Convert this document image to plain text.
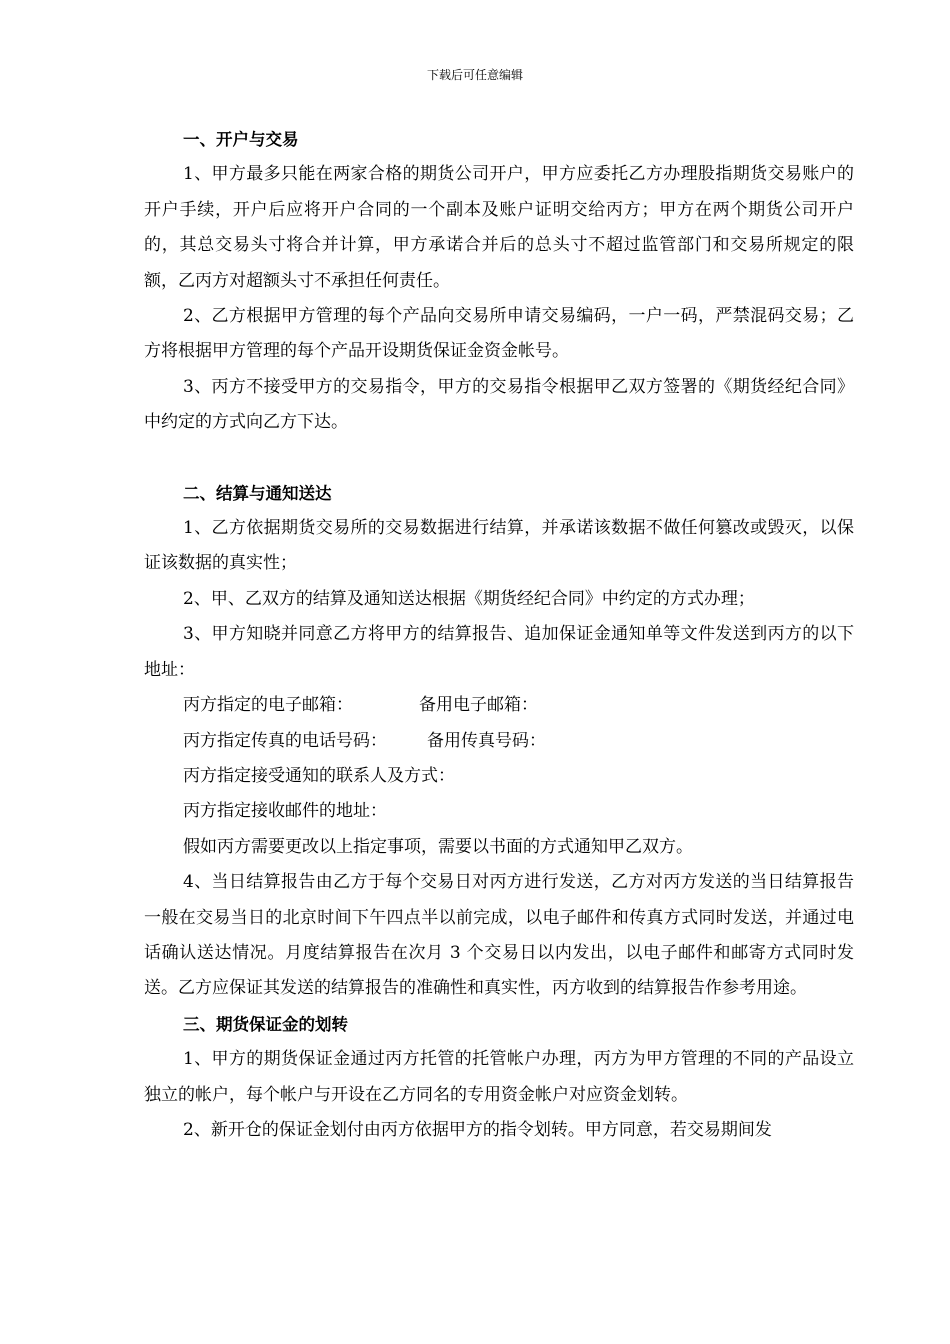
下载后可任意编辑

一、开户与交易

1、甲方最多只能在两家合格的期货公司开户，甲方应委托乙方办理股指期货交易账户的开户手续，开户后应将开户合同的一个副本及账户证明交给丙方；甲方在两个期货公司开户的，其总交易头寸将合并计算，甲方承诺合并后的总头寸不超过监管部门和交易所规定的限额，乙丙方对超额头寸不承担任何责任。

2、乙方根据甲方管理的每个产品向交易所申请交易编码，一户一码，严禁混码交易；乙方将根据甲方管理的每个产品开设期货保证金资金帐号。

3、丙方不接受甲方的交易指令，甲方的交易指令根据甲乙双方签署的《期货经纪合同》中约定的方式向乙方下达。

二、结算与通知送达

1、乙方依据期货交易所的交易数据进行结算，并承诺该数据不做任何篡改或毁灭，以保证该数据的真实性；

2、甲、乙双方的结算及通知送达根据《期货经纪合同》中约定的方式办理；

3、甲方知晓并同意乙方将甲方的结算报告、追加保证金通知单等文件发送到丙方的以下地址：

丙方指定的电子邮箱：	备用电子邮箱：

丙方指定传真的电话号码： 备用传真号码：

丙方指定接受通知的联系人及方式：

丙方指定接收邮件的地址：

假如丙方需要更改以上指定事项，需要以书面的方式通知甲乙双方。

4、当日结算报告由乙方于每个交易日对丙方进行发送，乙方对丙方发送的当日结算报告一般在交易当日的北京时间下午四点半以前完成，以电子邮件和传真方式同时发送，并通过电话确认送达情况。月度结算报告在次月 3 个交易日以内发出，以电子邮件和邮寄方式同时发送。乙方应保证其发送的结算报告的准确性和真实性，丙方收到的结算报告作参考用途。

三、期货保证金的划转

1、甲方的期货保证金通过丙方托管的托管帐户办理，丙方为甲方管理的不同的产品设立独立的帐户，每个帐户与开设在乙方同名的专用资金帐户对应资金划转。

2、新开仓的保证金划付由丙方依据甲方的指令划转。甲方同意，若交易期间发
